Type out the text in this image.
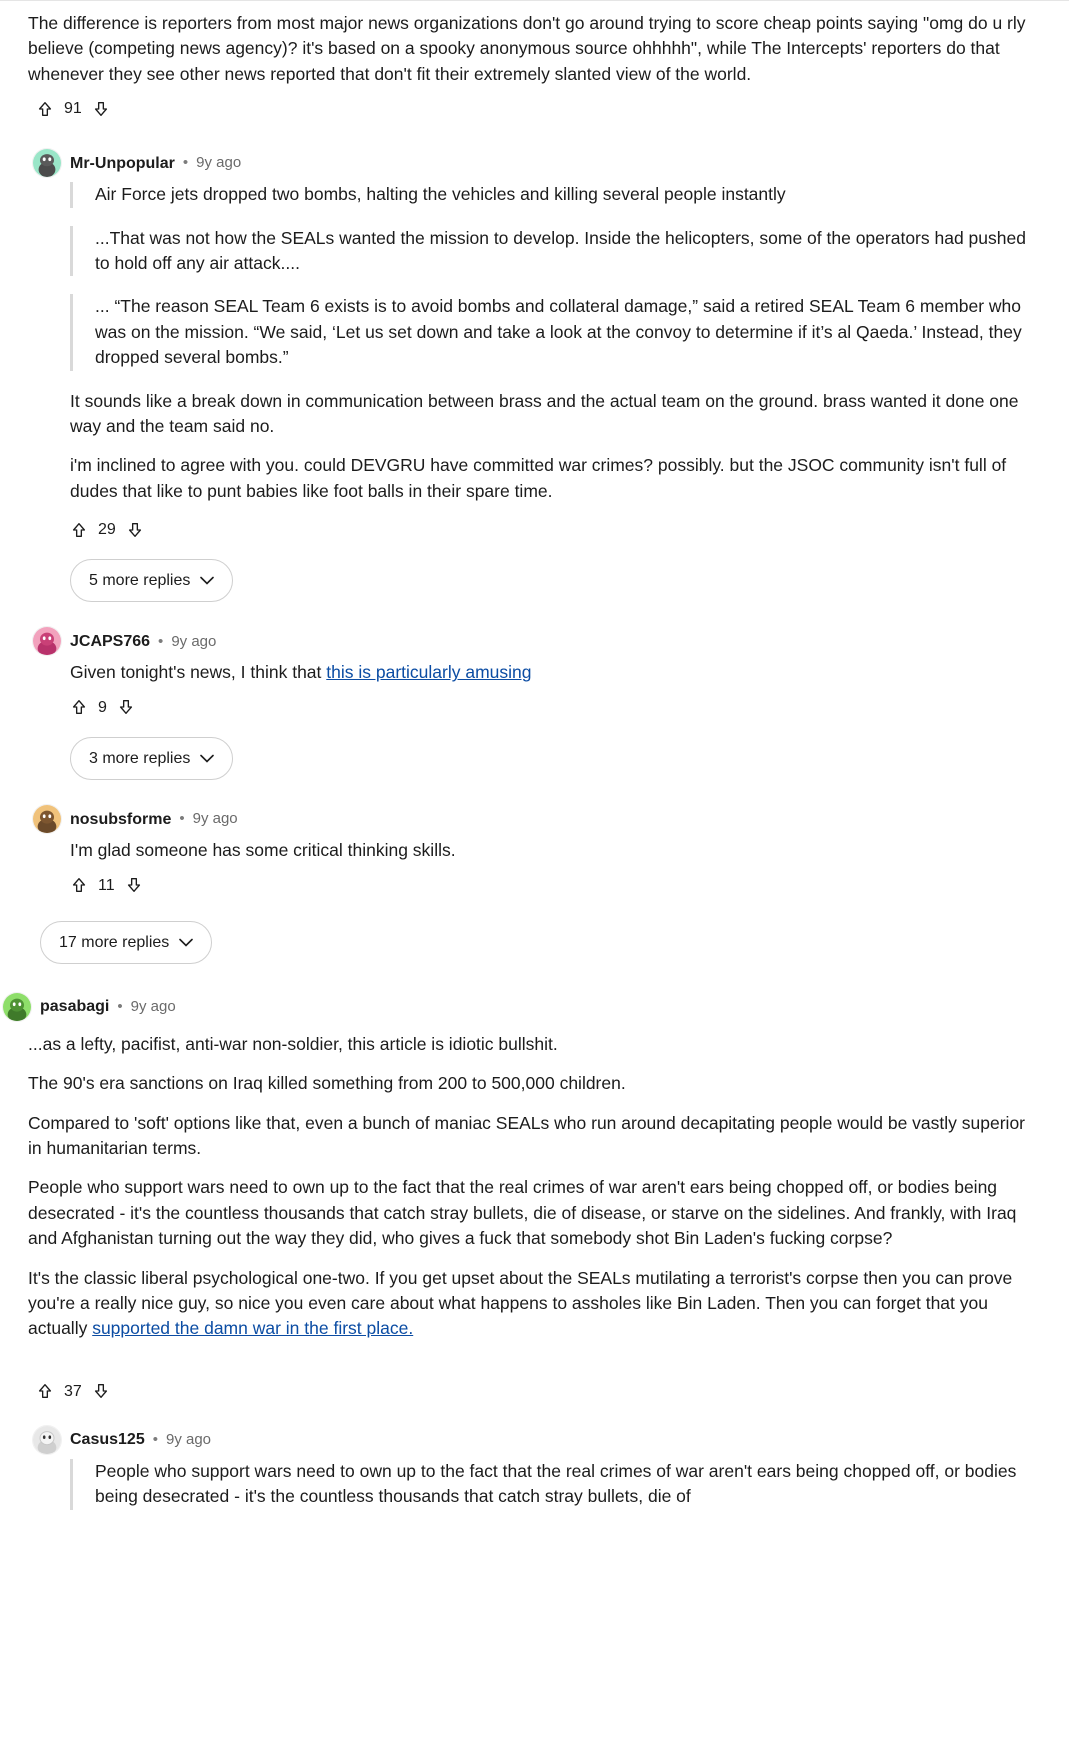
The difference is reporters from most major news organizations don't go around trying to score cheap points saying "omg do u rly believe (competing news agency)? it's based on a spooky anonymous source ohhhhh", while The Intercepts' reporters do that whenever they see other news reported that don't fit their extremely slanted view of the world.

91
Mr-Unpopular • 9y ago

Air Force jets dropped two bombs, halting the vehicles and killing several people instantly

...That was not how the SEALs wanted the mission to develop. Inside the helicopters, some of the operators had pushed to hold off any air attack....

... “The reason SEAL Team 6 exists is to avoid bombs and collateral damage,” said a retired SEAL Team 6 member who was on the mission. “We said, ‘Let us set down and take a look at the convoy to determine if it’s al Qaeda.’ Instead, they dropped several bombs.”

It sounds like a break down in communication between brass and the actual team on the ground. brass wanted it done one way and the team said no.

i'm inclined to agree with you. could DEVGRU have committed war crimes? possibly. but the JSOC community isn't full of dudes that like to punt babies like foot balls in their spare time.

29
5 more replies
JCAPS766 • 9y ago

Given tonight's news, I think that this is particularly amusing

9
3 more replies
nosubsforme • 9y ago

I'm glad someone has some critical thinking skills.

11
17 more replies
pasabagi • 9y ago

...as a lefty, pacifist, anti-war non-soldier, this article is idiotic bullshit.

The 90's era sanctions on Iraq killed something from 200 to 500,000 children.

Compared to 'soft' options like that, even a bunch of maniac SEALs who run around decapitating people would be vastly superior in humanitarian terms.

People who support wars need to own up to the fact that the real crimes of war aren't ears being chopped off, or bodies being desecrated - it's the countless thousands that catch stray bullets, die of disease, or starve on the sidelines. And frankly, with Iraq and Afghanistan turning out the way they did, who gives a fuck that somebody shot Bin Laden's fucking corpse?

It's the classic liberal psychological one-two. If you get upset about the SEALs mutilating a terrorist's corpse then you can prove you're a really nice guy, so nice you even care about what happens to assholes like Bin Laden. Then you can forget that you actually supported the damn war in the first place.

37
Casus125 • 9y ago

People who support wars need to own up to the fact that the real crimes of war aren't ears being chopped off, or bodies being desecrated - it's the countless thousands that catch stray bullets, die of
